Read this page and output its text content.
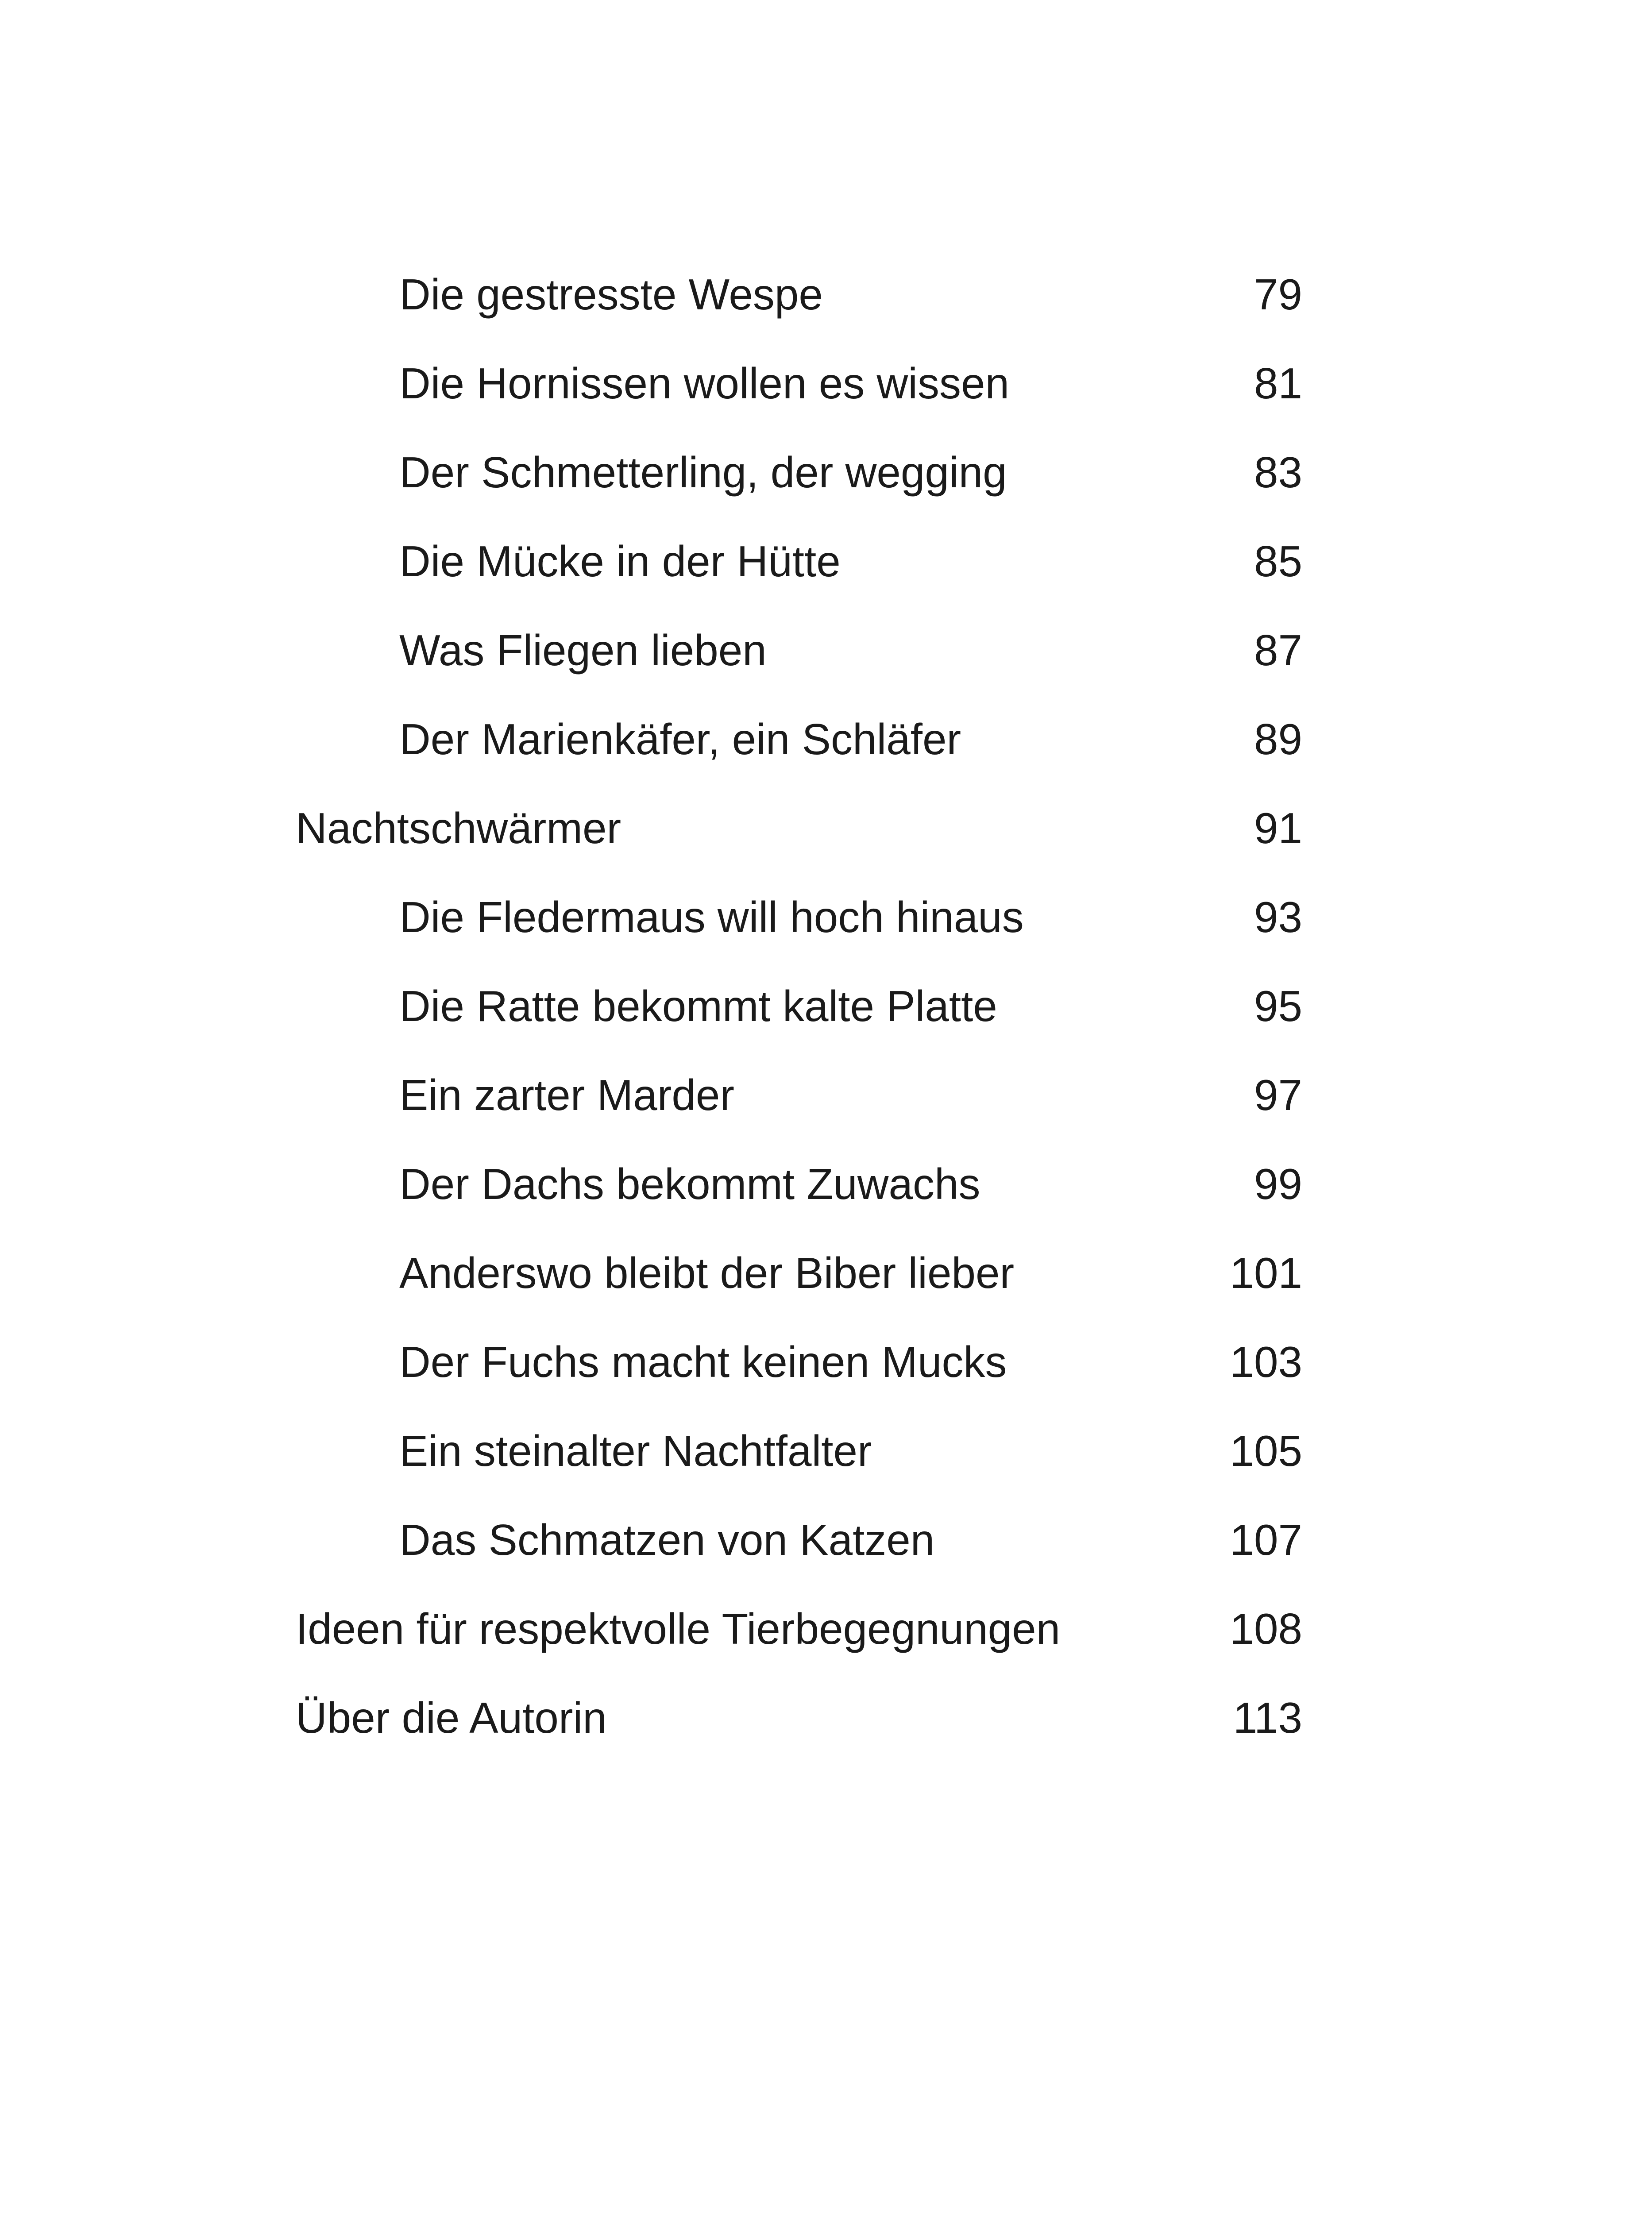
Die gestresste Wespe	79
Die Hornissen wollen es wissen	81
Der Schmetterling, der wegging	83
Die Mücke in der Hütte	85
Was Fliegen lieben	87
Der Marienkäfer, ein Schläfer	89
Nachtschwärmer	91
Die Fledermaus will hoch hinaus	93
Die Ratte bekommt kalte Platte	95
Ein zarter Marder	97
Der Dachs bekommt Zuwachs	99
Anderswo bleibt der Biber lieber	101
Der Fuchs macht keinen Mucks	103
Ein steinalter Nachtfalter	105
Das Schmatzen von Katzen	107
Ideen für respektvolle Tierbegegnungen	108
Über die Autorin	113
